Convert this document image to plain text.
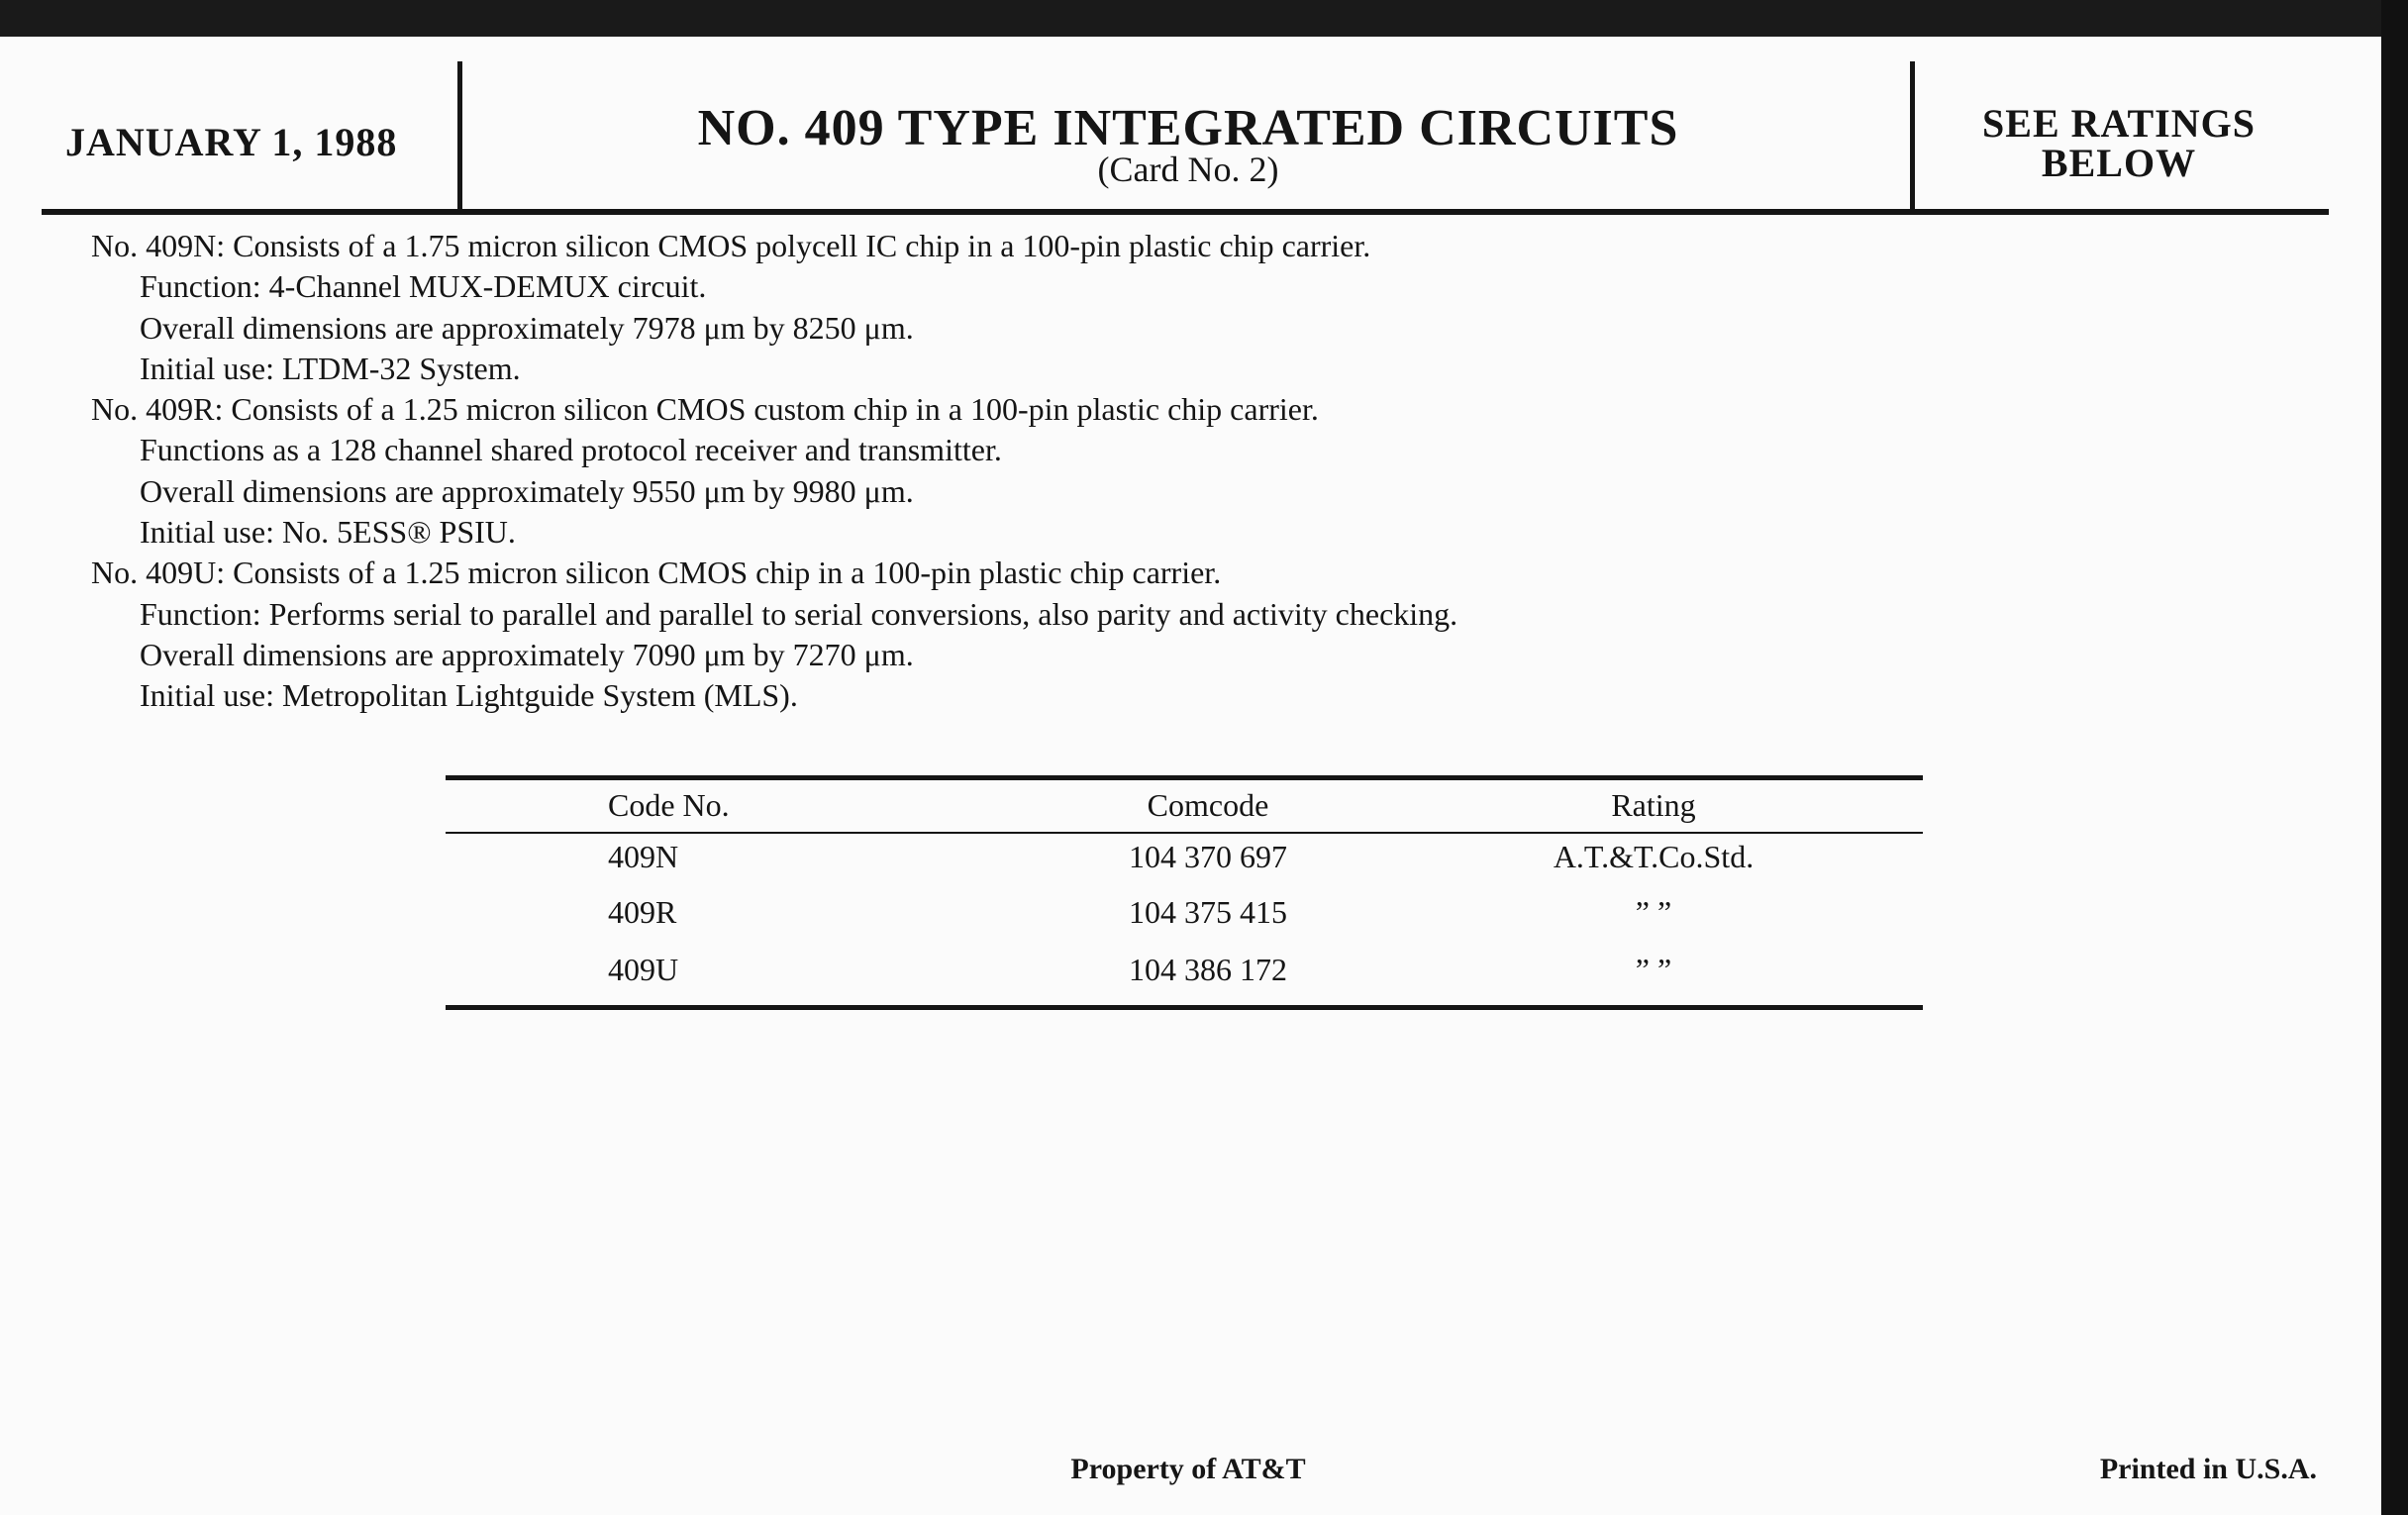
JANUARY 1, 1988	NO. 409 TYPE INTEGRATED CIRCUITS
(Card No. 2)
SEE RATINGS
BELOW
No. 409N: Consists of a 1.75 micron silicon CMOS polycell IC chip in a 100-pin plastic chip carrier.
Function: 4-Channel MUX-DEMUX circuit.
Overall dimensions are approximately 7978 μm by 8250 μm.
Initial use: LTDM-32 System.
No. 409R: Consists of a 1.25 micron silicon CMOS custom chip in a 100-pin plastic chip carrier.
Functions as a 128 channel shared protocol receiver and transmitter.
Overall dimensions are approximately 9550 μm by 9980 μm.
Initial use: No. 5ESS® PSIU.
No. 409U: Consists of a 1.25 micron silicon CMOS chip in a 100-pin plastic chip carrier.
Function: Performs serial to parallel and parallel to serial conversions, also parity and activity checking.
Overall dimensions are approximately 7090 μm by 7270 μm.
Initial use: Metropolitan Lightguide System (MLS).
Code No.	Comcode	Rating
409N	104 370 697	A.T.&T.Co.Std.
409R	104 375 415	” ”
409U	104 386 172	” ”
Property of AT&T	Printed in U.S.A.
